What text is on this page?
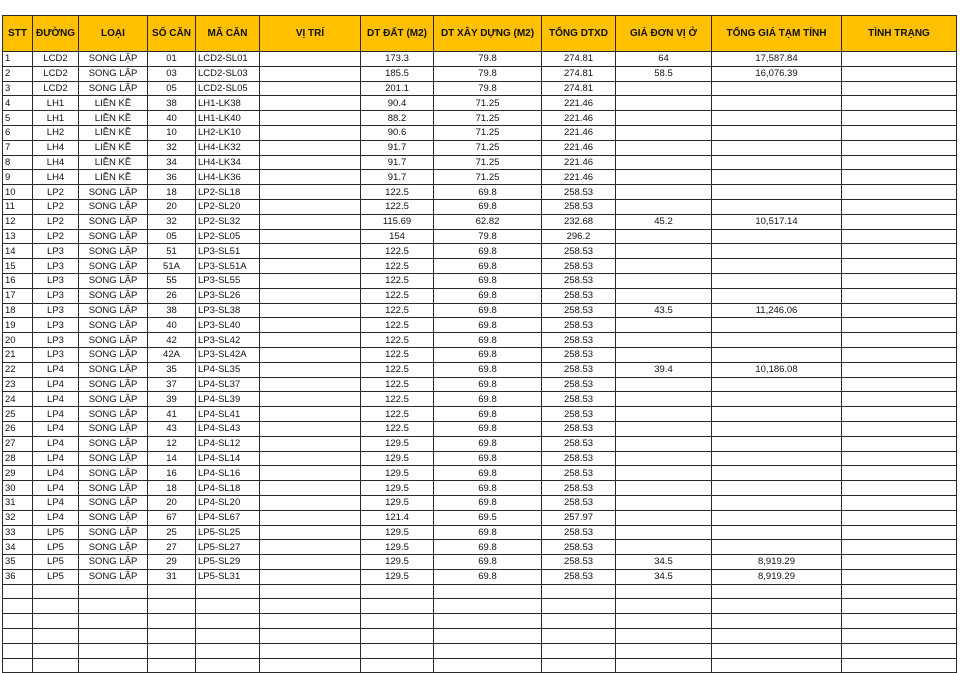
STT	ĐƯỜNG	LOẠI	SỐ CĂN	MÃ CĂN	VỊ TRÍ	DT ĐẤT (M2)	DT XÂY DỰNG (M2)	TỔNG DTXD	GIÁ ĐƠN VỊ Ở	TỔNG GIÁ TẠM TÍNH	TÌNH TRẠNG
1	LCD2	SONG LẬP	01	LCD2-SL01		173.3	79.8	274.81	64	17,587.84	
2	LCD2	SONG LẬP	03	LCD2-SL03		185.5	79.8	274.81	58.5	16,076.39	
3	LCD2	SONG LẬP	05	LCD2-SL05		201.1	79.8	274.81			
4	LH1	LIỀN KỀ	38	LH1-LK38		90.4	71.25	221.46			
5	LH1	LIỀN KỀ	40	LH1-LK40		88.2	71.25	221.46			
6	LH2	LIỀN KỀ	10	LH2-LK10		90.6	71.25	221.46			
7	LH4	LIỀN KỀ	32	LH4-LK32		91.7	71.25	221.46			
8	LH4	LIỀN KỀ	34	LH4-LK34		91.7	71.25	221.46			
9	LH4	LIỀN KỀ	36	LH4-LK36		91.7	71.25	221.46			
10	LP2	SONG LẬP	18	LP2-SL18		122.5	69.8	258.53			
11	LP2	SONG LẬP	20	LP2-SL20		122.5	69.8	258.53			
12	LP2	SONG LẬP	32	LP2-SL32		115.69	62.82	232.68	45.2	10,517.14	
13	LP2	SONG LẬP	05	LP2-SL05		154	79.8	296.2			
14	LP3	SONG LẬP	51	LP3-SL51		122.5	69.8	258.53			
15	LP3	SONG LẬP	51A	LP3-SL51A		122.5	69.8	258.53			
16	LP3	SONG LẬP	55	LP3-SL55		122.5	69.8	258.53			
17	LP3	SONG LẬP	26	LP3-SL26		122.5	69.8	258.53			
18	LP3	SONG LẬP	38	LP3-SL38		122.5	69.8	258.53	43.5	11,246.06	
19	LP3	SONG LẬP	40	LP3-SL40		122.5	69.8	258.53			
20	LP3	SONG LẬP	42	LP3-SL42		122.5	69.8	258.53			
21	LP3	SONG LẬP	42A	LP3-SL42A		122.5	69.8	258.53			
22	LP4	SONG LẬP	35	LP4-SL35		122.5	69.8	258.53	39.4	10,186.08	
23	LP4	SONG LẬP	37	LP4-SL37		122.5	69.8	258.53			
24	LP4	SONG LẬP	39	LP4-SL39		122.5	69.8	258.53			
25	LP4	SONG LẬP	41	LP4-SL41		122.5	69.8	258.53			
26	LP4	SONG LẬP	43	LP4-SL43		122.5	69.8	258.53			
27	LP4	SONG LẬP	12	LP4-SL12		129.5	69.8	258.53			
28	LP4	SONG LẬP	14	LP4-SL14		129.5	69.8	258.53			
29	LP4	SONG LẬP	16	LP4-SL16		129.5	69.8	258.53			
30	LP4	SONG LẬP	18	LP4-SL18		129.5	69.8	258.53			
31	LP4	SONG LẬP	20	LP4-SL20		129.5	69.8	258.53			
32	LP4	SONG LẬP	67	LP4-SL67		121.4	69.5	257.97			
33	LP5	SONG LẬP	25	LP5-SL25		129.5	69.8	258.53			
34	LP5	SONG LẬP	27	LP5-SL27		129.5	69.8	258.53			
35	LP5	SONG LẬP	29	LP5-SL29		129.5	69.8	258.53	34.5	8,919.29	
36	LP5	SONG LẬP	31	LP5-SL31		129.5	69.8	258.53	34.5	8,919.29	
